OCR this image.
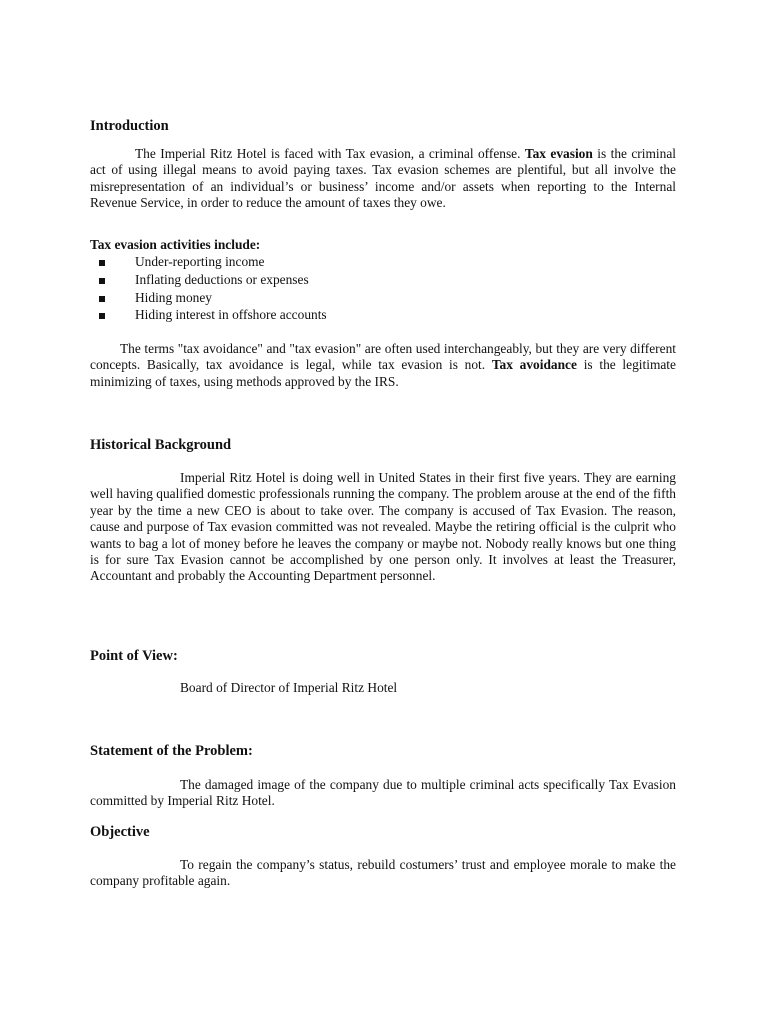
Introduction
The Imperial Ritz Hotel is faced with Tax evasion, a criminal offense. Tax evasion is the criminal act of using illegal means to avoid paying taxes. Tax evasion schemes are plentiful, but all involve the misrepresentation of an individual’s or business’ income and/or assets when reporting to the Internal Revenue Service, in order to reduce the amount of taxes they owe.
Tax evasion activities include:
Under-reporting income
Inflating deductions or expenses
Hiding money
Hiding interest in offshore accounts
The terms "tax avoidance" and "tax evasion" are often used interchangeably, but they are very different concepts. Basically, tax avoidance is legal, while tax evasion is not. Tax avoidance is the legitimate minimizing of taxes, using methods approved by the IRS.
Historical Background
Imperial Ritz Hotel is doing well in United States in their first five years. They are earning well having qualified domestic professionals running the company. The problem arouse at the end of the fifth year by the time a new CEO is about to take over. The company is accused of Tax Evasion. The reason, cause and purpose of Tax evasion committed was not revealed. Maybe the retiring official is the culprit who wants to bag a lot of money before he leaves the company or maybe not. Nobody really knows but one thing is for sure Tax Evasion cannot be accomplished by one person only. It involves at least the Treasurer, Accountant and probably the Accounting Department personnel.
Point of View:
Board of Director of Imperial Ritz Hotel
Statement of the Problem:
The damaged image of the company due to multiple criminal acts specifically Tax Evasion committed by Imperial Ritz Hotel.
Objective
To regain the company’s status, rebuild costumers’ trust and employee morale to make the company profitable again.
